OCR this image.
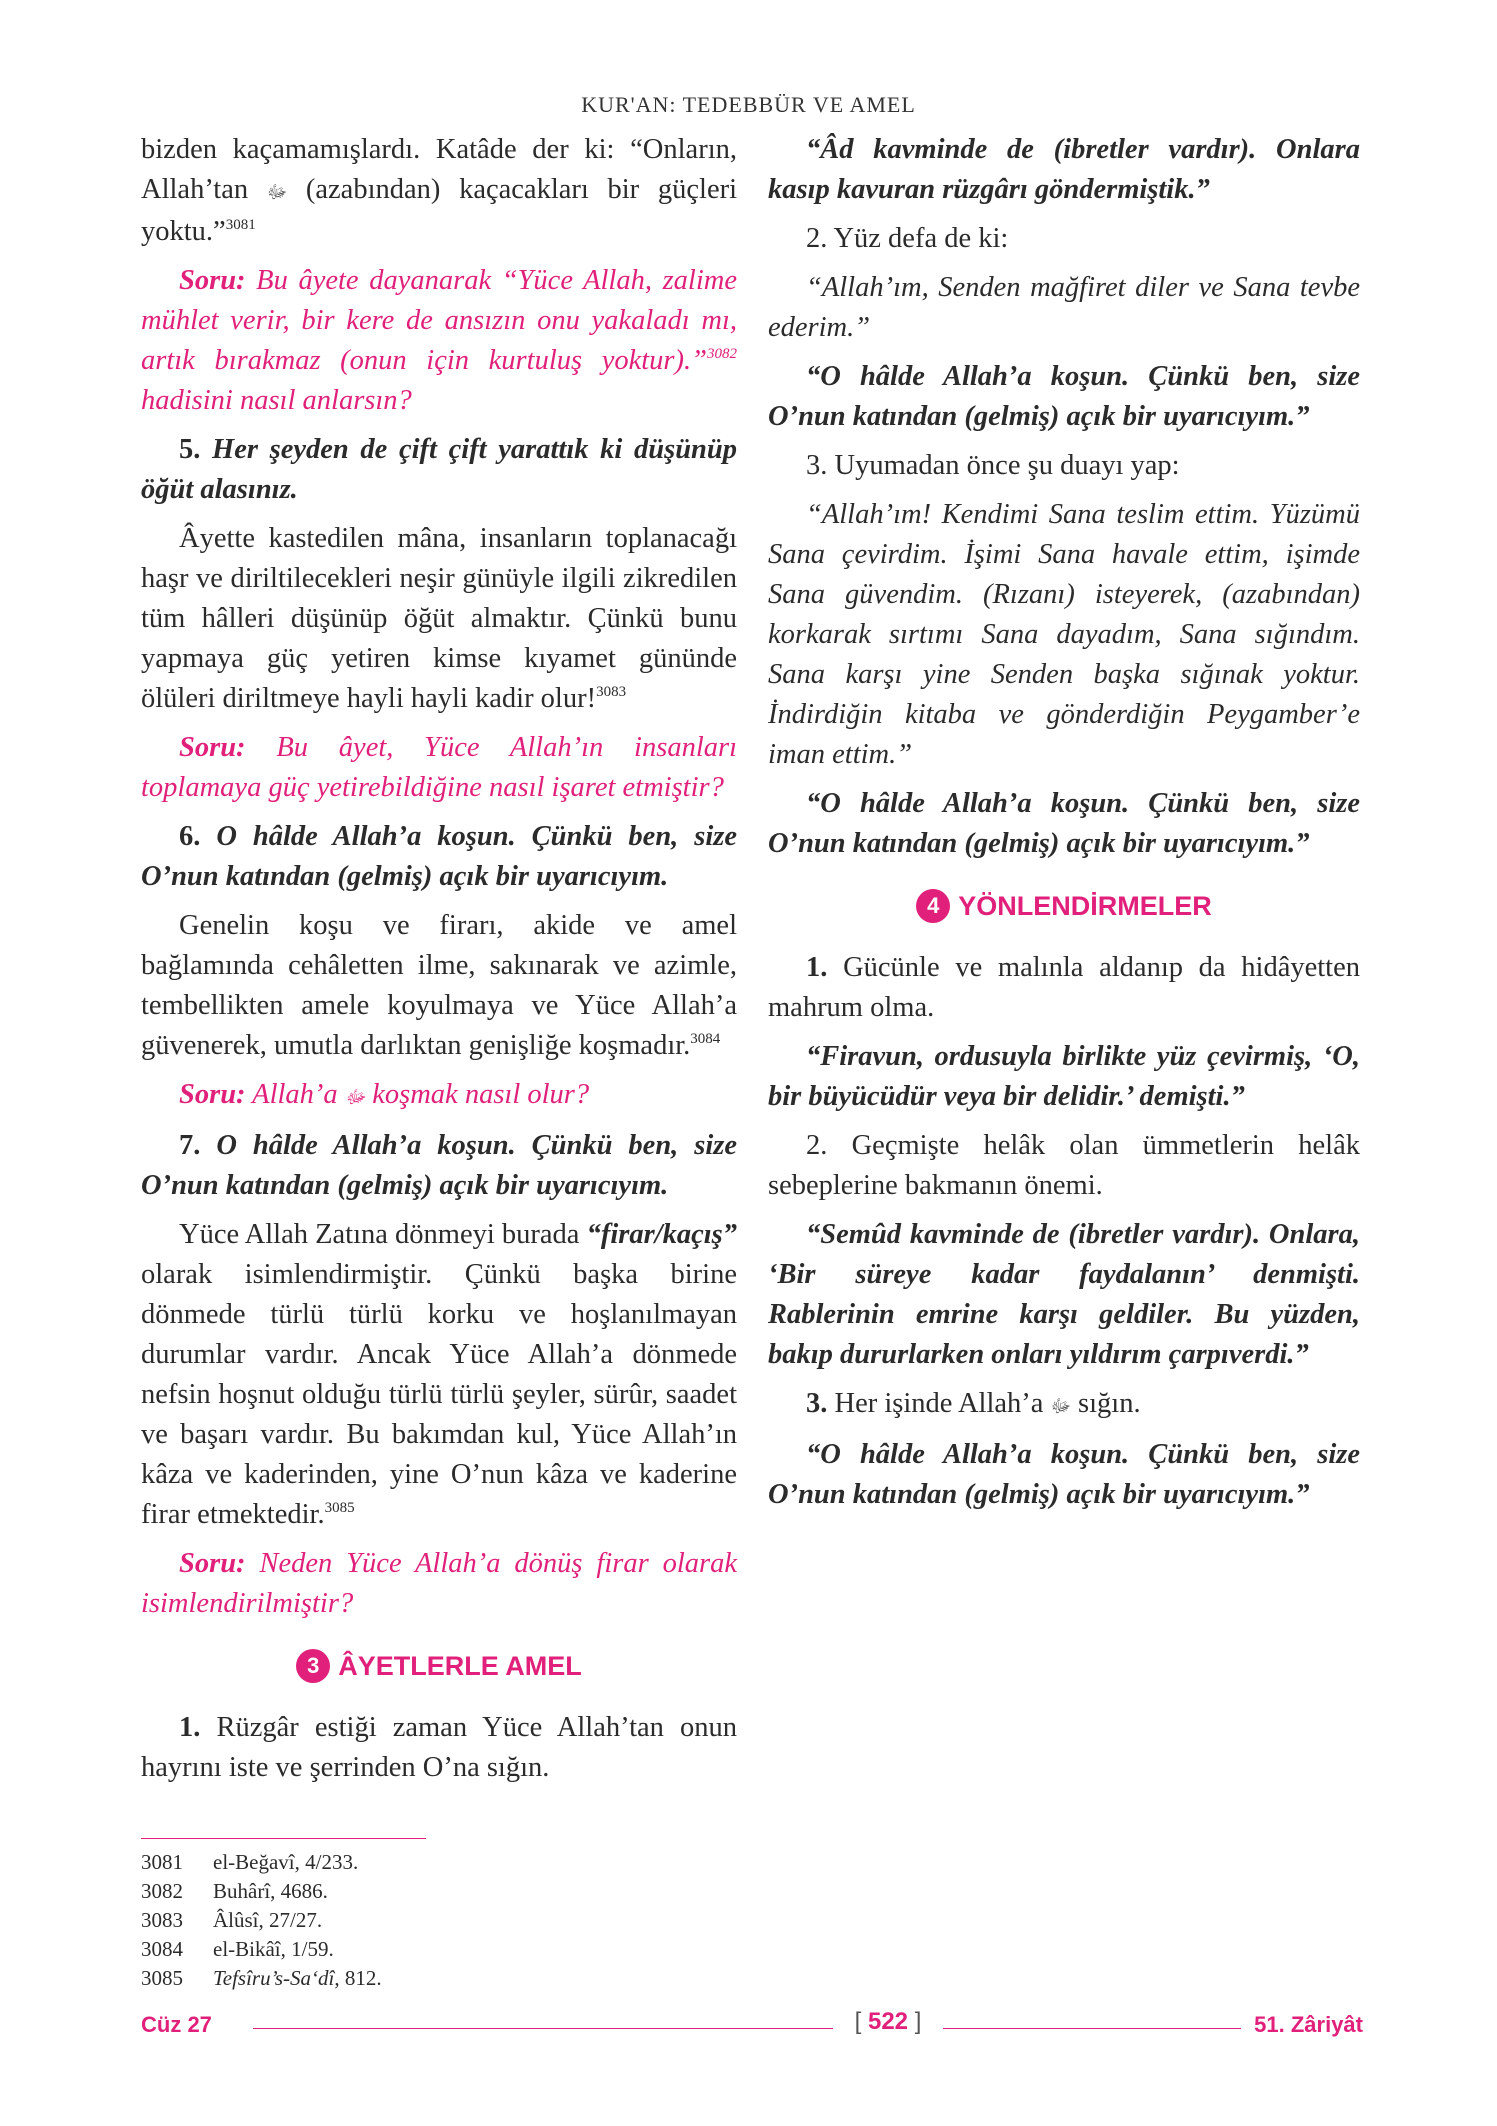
KUR'AN: TEDEBBÜR VE AMEL

bizden kaçamamışlardı. Katâde der ki: “Onların, Allah’tan ﷻ (azabından) kaçacakları bir güçleri yoktu.”$^{3081}$

Soru: Bu âyete dayanarak “Yüce Allah, zalime mühlet verir, bir kere de ansızın onu yakaladı mı, artık bırakmaz (onun için kurtuluş yoktur).”$^{3082}$ hadisini nasıl anlarsın?

5. Her şeyden de çift çift yarattık ki düşünüp öğüt alasınız.

Âyette kastedilen mâna, insanların toplanacağı haşr ve diriltilecekleri neşir günüyle ilgili zikredilen tüm hâlleri düşünüp öğüt almaktır. Çünkü bunu yapmaya güç yetiren kimse kıyamet gününde ölüleri diriltmeye hayli hayli kadir olur!$^{3083}$

Soru: Bu âyet, Yüce Allah’ın insanları toplamaya güç yetirebildiğine nasıl işaret etmiştir?

6. O hâlde Allah’a koşun. Çünkü ben, size O’nun katından (gelmiş) açık bir uyarıcıyım.

Genelin koşu ve firarı, akide ve amel bağlamında cehâletten ilme, sakınarak ve azimle, tembellikten amele koyulmaya ve Yüce Allah’a güvenerek, umutla darlıktan genişliğe koşmadır.$^{3084}$

Soru: Allah’a ﷻ koşmak nasıl olur?

7. O hâlde Allah’a koşun. Çünkü ben, size O’nun katından (gelmiş) açık bir uyarıcıyım.

Yüce Allah Zatına dönmeyi burada “firar/kaçış” olarak isimlendirmiştir. Çünkü başka birine dönmede türlü türlü korku ve hoşlanılmayan durumlar vardır. Ancak Yüce Allah’a dönmede nefsin hoşnut olduğu türlü türlü şeyler, sürûr, saadet ve başarı vardır. Bu bakımdan kul, Yüce Allah’ın kâza ve kaderinden, yine O’nun kâza ve kaderine firar etmektedir.$^{3085}$

Soru: Neden Yüce Allah’a dönüş firar olarak isimlendirilmiştir?

3 ÂYETLERLE AMEL

1. Rüzgâr estiği zaman Yüce Allah’tan onun hayrını iste ve şerrinden O’na sığın.

“Âd kavminde de (ibretler vardır). Onlara kasıp kavuran rüzgârı göndermiştik.”

2. Yüz defa de ki:

“Allah’ım, Senden mağfiret diler ve Sana tevbe ederim.”

“O hâlde Allah’a koşun. Çünkü ben, size O’nun katından (gelmiş) açık bir uyarıcıyım.”

3. Uyumadan önce şu duayı yap:

“Allah’ım! Kendimi Sana teslim ettim. Yüzümü Sana çevirdim. İşimi Sana havale ettim, işimde Sana güvendim. (Rızanı) isteyerek, (azabından) korkarak sırtımı Sana dayadım, Sana sığındım. Sana karşı yine Senden başka sığınak yoktur. İndirdiğin kitaba ve gönderdiğin Peygamber’e iman ettim.”

“O hâlde Allah’a koşun. Çünkü ben, size O’nun katından (gelmiş) açık bir uyarıcıyım.”

4 YÖNLENDİRMELER

1. Gücünle ve malınla aldanıp da hidâyetten mahrum olma.

“Firavun, ordusuyla birlikte yüz çevirmiş, ‘O, bir büyücüdür veya bir delidir.’ demişti.”

2. Geçmişte helâk olan ümmetlerin helâk sebeplerine bakmanın önemi.

“Semûd kavminde de (ibretler vardır). Onlara, ‘Bir süreye kadar faydalanın’ denmişti. Rablerinin emrine karşı geldiler. Bu yüzden, bakıp dururlarken onları yıldırım çarpıverdi.”

3. Her işinde Allah’a ﷻ sığın.

“O hâlde Allah’a koşun. Çünkü ben, size O’nun katından (gelmiş) açık bir uyarıcıyım.”

3081 el-Beğavî, 4/233.
3082 Buhârî, 4686.
3083 Âlûsî, 27/27.
3084 el-Bikâî, 1/59.
3085 Tefsîru’s-Sa‘dî, 812.
Cüz 27	[ 522 ]	51. Zâriyât
